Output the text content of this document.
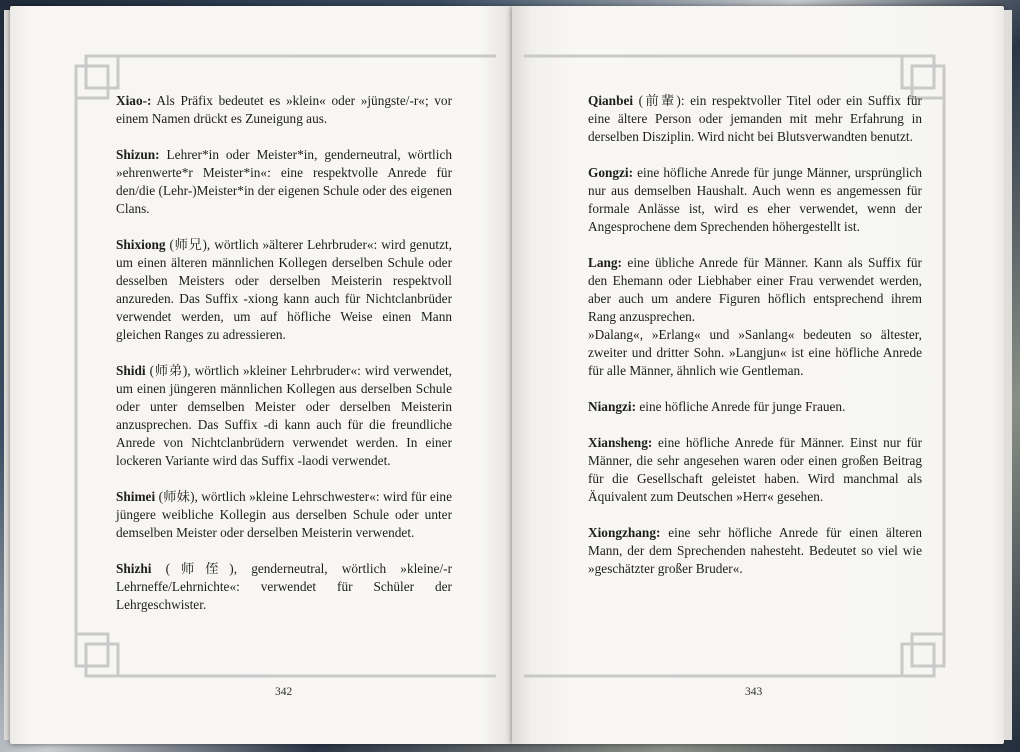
Xiao-: Als Präfix bedeutet es »klein« oder »jüngste/-r«; vor einem Namen drückt es Zuneigung aus.

Shizun: Lehrer*in oder Meister*in, genderneutral, wörtlich »ehrenwerte*r Meister*in«: eine respektvolle Anrede für den/die (Lehr-)Meister*in der eigenen Schule oder des eigenen Clans.

Shixiong (师兄), wörtlich »älterer Lehrbruder«: wird genutzt, um einen älteren männlichen Kollegen derselben Schule oder desselben Meisters oder derselben Meisterin respektvoll anzureden. Das Suffix -xiong kann auch für Nichtclanbrüder verwendet werden, um auf höfliche Weise einen Mann gleichen Ranges zu adressieren.

Shidi (师弟), wörtlich »kleiner Lehrbruder«: wird verwendet, um einen jüngeren männlichen Kollegen aus derselben Schule oder unter demselben Meister oder derselben Meisterin anzusprechen. Das Suffix -di kann auch für die freundliche Anrede von Nichtclanbrüdern verwendet werden. In einer lockeren Variante wird das Suffix -laodi verwendet.

Shimei (师妹), wörtlich »kleine Lehrschwester«: wird für eine jüngere weibliche Kollegin aus derselben Schule oder unter demselben Meister oder derselben Meisterin verwendet.

Shizhi (师侄), genderneutral, wörtlich »kleine/-r Lehrneffe/Lehrnichte«: verwendet für Schüler der Lehrgeschwister.

342

Qianbei (前輩): ein respektvoller Titel oder ein Suffix für eine ältere Person oder jemanden mit mehr Erfahrung in derselben Disziplin. Wird nicht bei Blutsverwandten benutzt.

Gongzi: eine höfliche Anrede für junge Männer, ursprünglich nur aus demselben Haushalt. Auch wenn es angemessen für formale Anlässe ist, wird es eher verwendet, wenn der Angesprochene dem Sprechenden höhergestellt ist.

Lang: eine übliche Anrede für Männer. Kann als Suffix für den Ehemann oder Liebhaber einer Frau verwendet werden, aber auch um andere Figuren höflich entsprechend ihrem Rang anzusprechen.
»Dalang«, »Erlang« und »Sanlang« bedeuten so ältester, zweiter und dritter Sohn. »Langjun« ist eine höfliche Anrede für alle Männer, ähnlich wie Gentleman.

Niangzi: eine höfliche Anrede für junge Frauen.

Xiansheng: eine höfliche Anrede für Männer. Einst nur für Männer, die sehr angesehen waren oder einen großen Beitrag für die Gesellschaft geleistet haben. Wird manchmal als Äquivalent zum Deutschen »Herr« gesehen.

Xiongzhang: eine sehr höfliche Anrede für einen älteren Mann, der dem Sprechenden nahesteht. Bedeutet so viel wie »geschätzter großer Bruder«.

343
